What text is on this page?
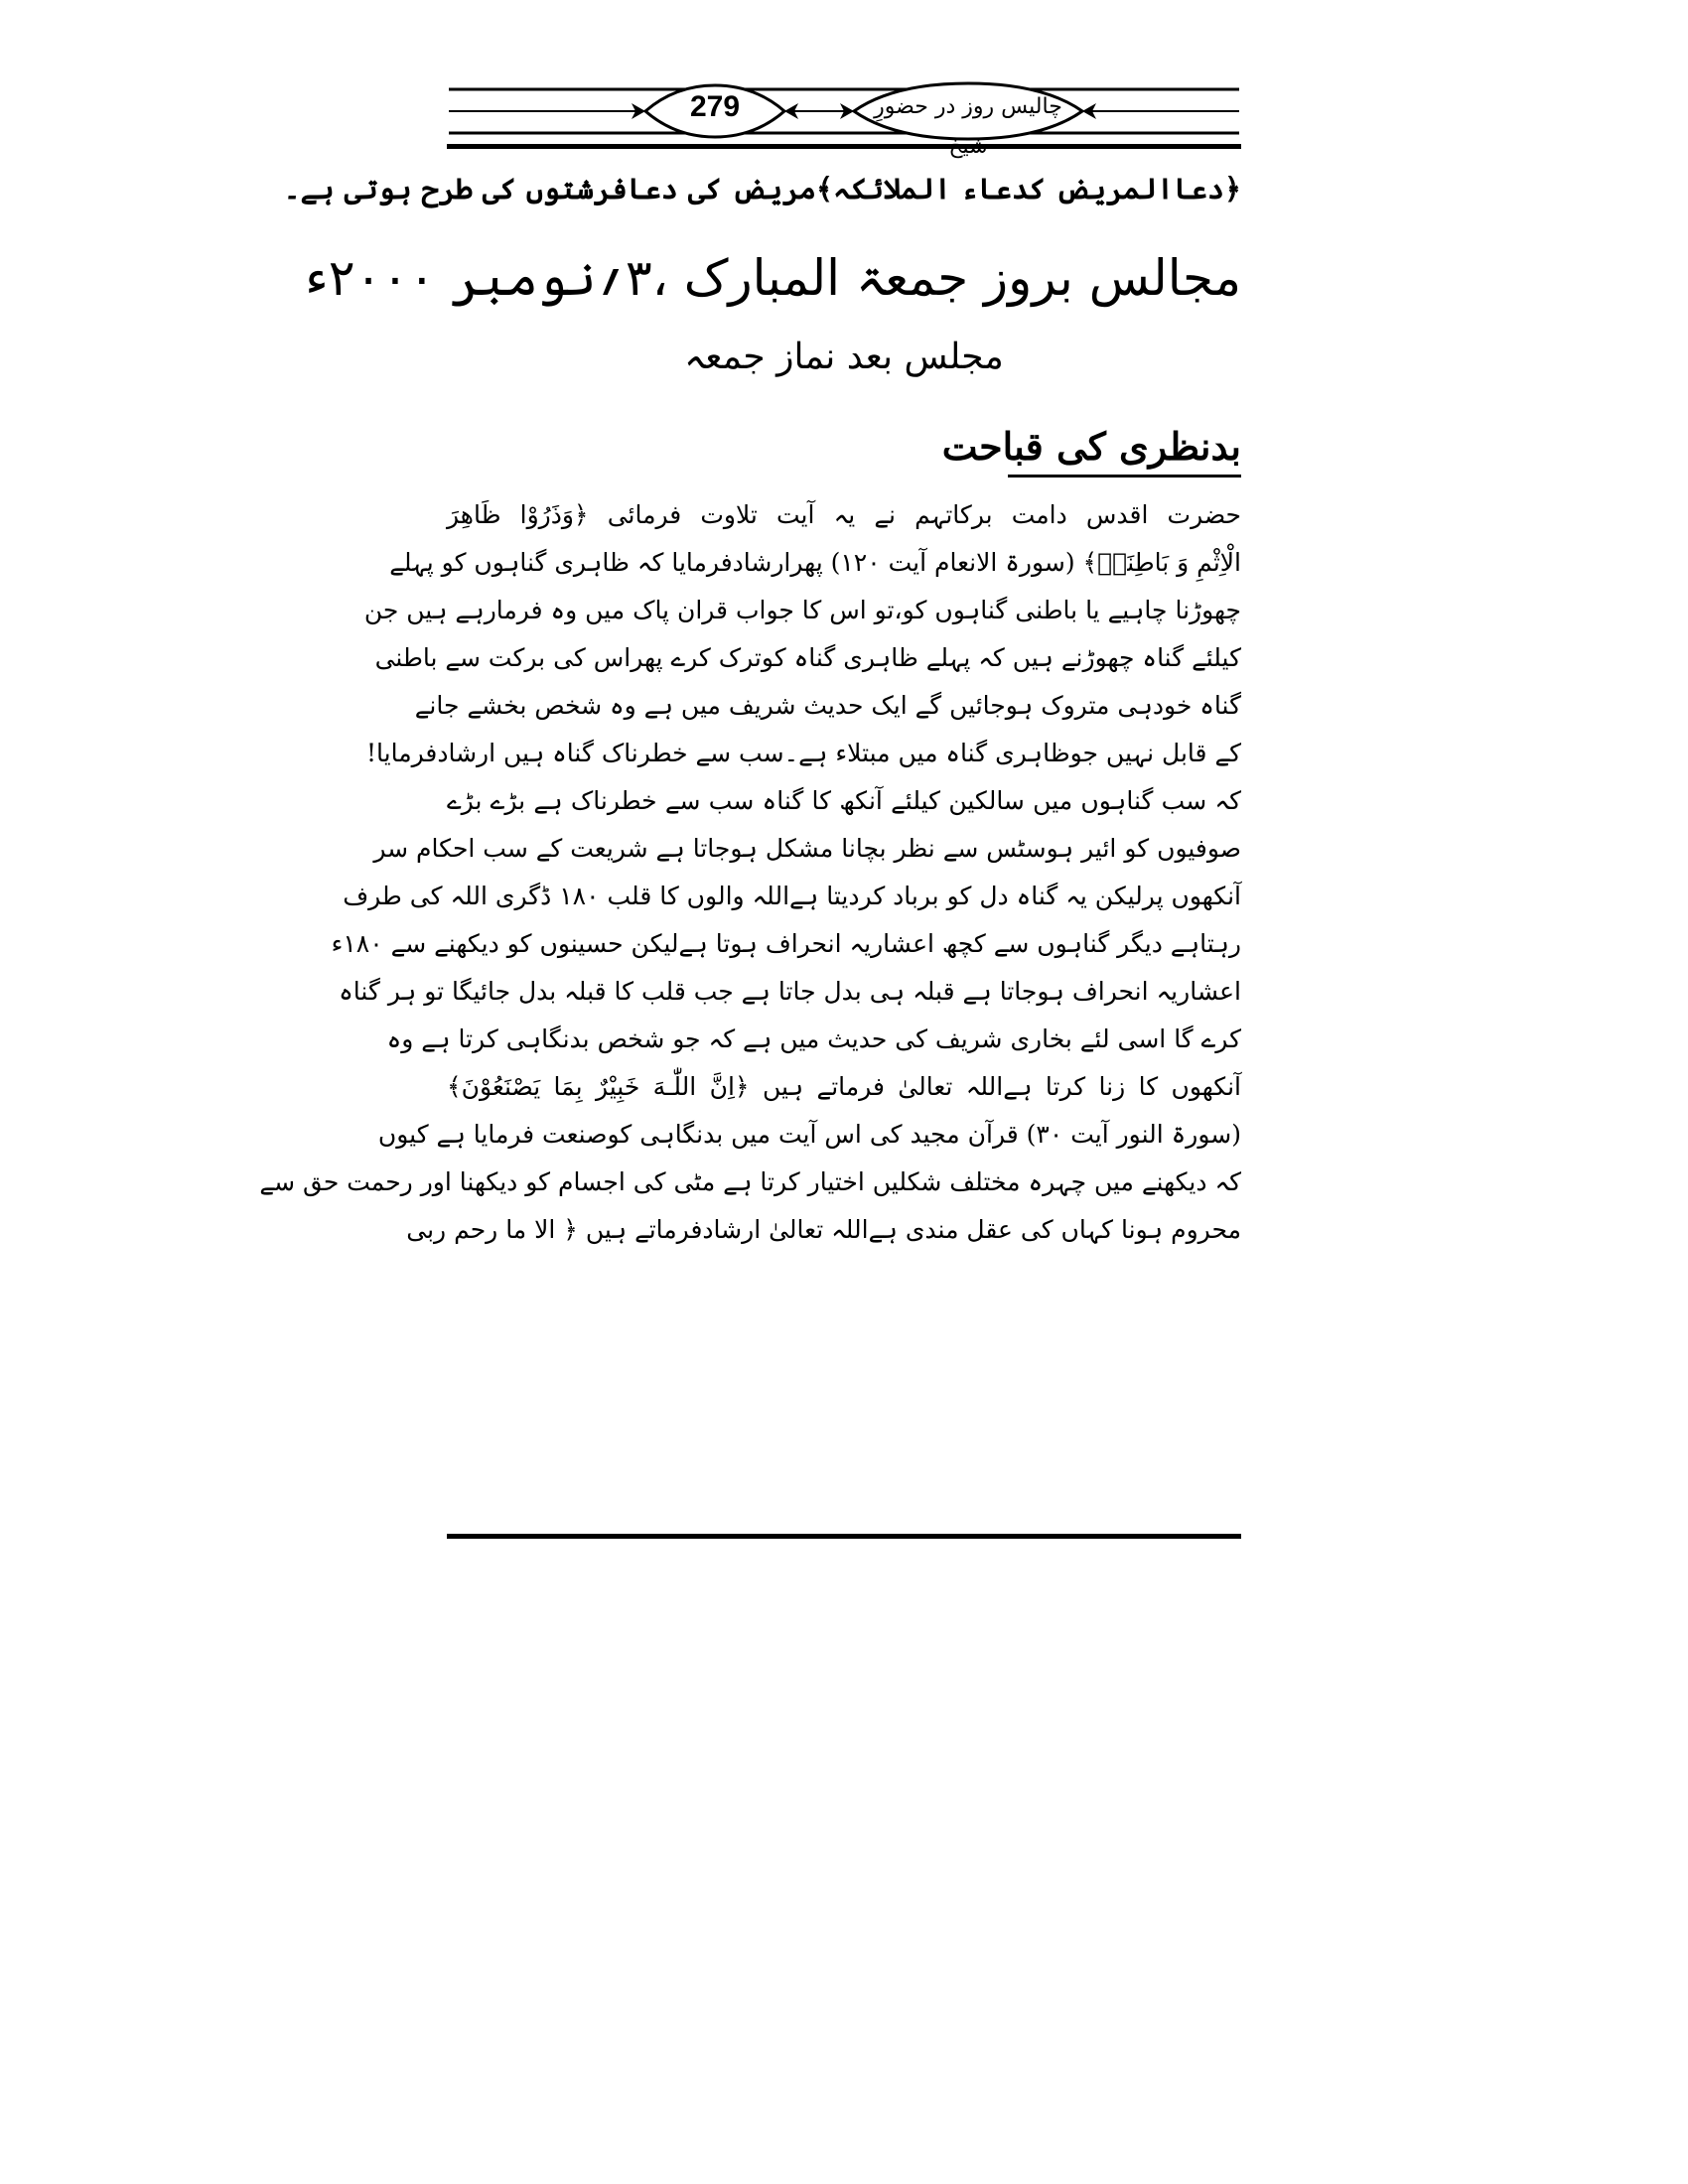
279	چالیس روز در حضورِ
﴿دعاالمریض کدعاء الملائکہ﴾مریض کی دعافرشتوں کی طرح ہوتی ہے۔
مجالس بروز جمعۃ المبارک ،۳؍نومبر ۲۰۰۰ء
مجلس بعد نماز جمعہ
بدنظری کی قباحت
حضرت اقدس دامت برکاتہم نے یہ آیت تلاوت فرمائی ﴿وَذَرُوْا ظَاهِرَ
الْاِثْمِ وَ بَاطِنَہٗ﴾ (سورۃ الانعام آیت ۱۲۰) پھرارشادفرمایا کہ ظاہری گناہوں کو پہلے
چھوڑنا چاہیے یا باطنی گناہوں کو،تو اس کا جواب قران پاک میں وہ فرمارہے ہیں جن
کیلئے گناہ چھوڑنے ہیں کہ پہلے ظاہری گناہ کوترک کرے پھراس کی برکت سے باطنی
گناہ خودہی متروک ہوجائیں گے ایک حدیث شریف میں ہے وہ شخص بخشے جانے
کے قابل نہیں جوظاہری گناہ میں مبتلاء ہے۔سب سے خطرناک گناہ ہیں ارشادفرمایا!
کہ سب گناہوں میں سالکین کیلئے آنکھ کا گناہ سب سے خطرناک ہے بڑے بڑے
صوفیوں کو ائیر ہوسٹس سے نظر بچانا مشکل ہوجاتا ہے شریعت کے سب احکام سر
آنکھوں پرلیکن یہ گناہ دل کو برباد کردیتا ہےاللہ والوں کا قلب ۱۸۰ ڈگری اللہ کی طرف
رہتاہے دیگر گناہوں سے کچھ اعشاریہ انحراف ہوتا ہےلیکن حسینوں کو دیکھنے سے ۱۸۰ء
اعشاریہ انحراف ہوجاتا ہے قبلہ ہی بدل جاتا ہے جب قلب کا قبلہ بدل جائیگا تو ہر گناہ
کرے گا اسی لئے بخاری شریف کی حدیث میں ہے کہ جو شخص بدنگاہی کرتا ہے وہ
آنکھوں کا زنا کرتا ہےاللہ تعالیٰ فرماتے ہیں ﴿اِنَّ اللّٰـهَ خَبِيْرٌ بِمَا يَصْنَعُوْنَ﴾
(سورۃ النور آیت ۳۰) قرآن مجید کی اس آیت میں بدنگاہی کوصنعت فرمایا ہے کیوں
کہ دیکھنے میں چہرہ مختلف شکلیں اختیار کرتا ہے مٹی کی اجسام کو دیکھنا اور رحمت حق سے
محروم ہونا کہاں کی عقل مندی ہےاللہ تعالیٰ ارشادفرماتے ہیں ﴿ الا ما رحم ربی
